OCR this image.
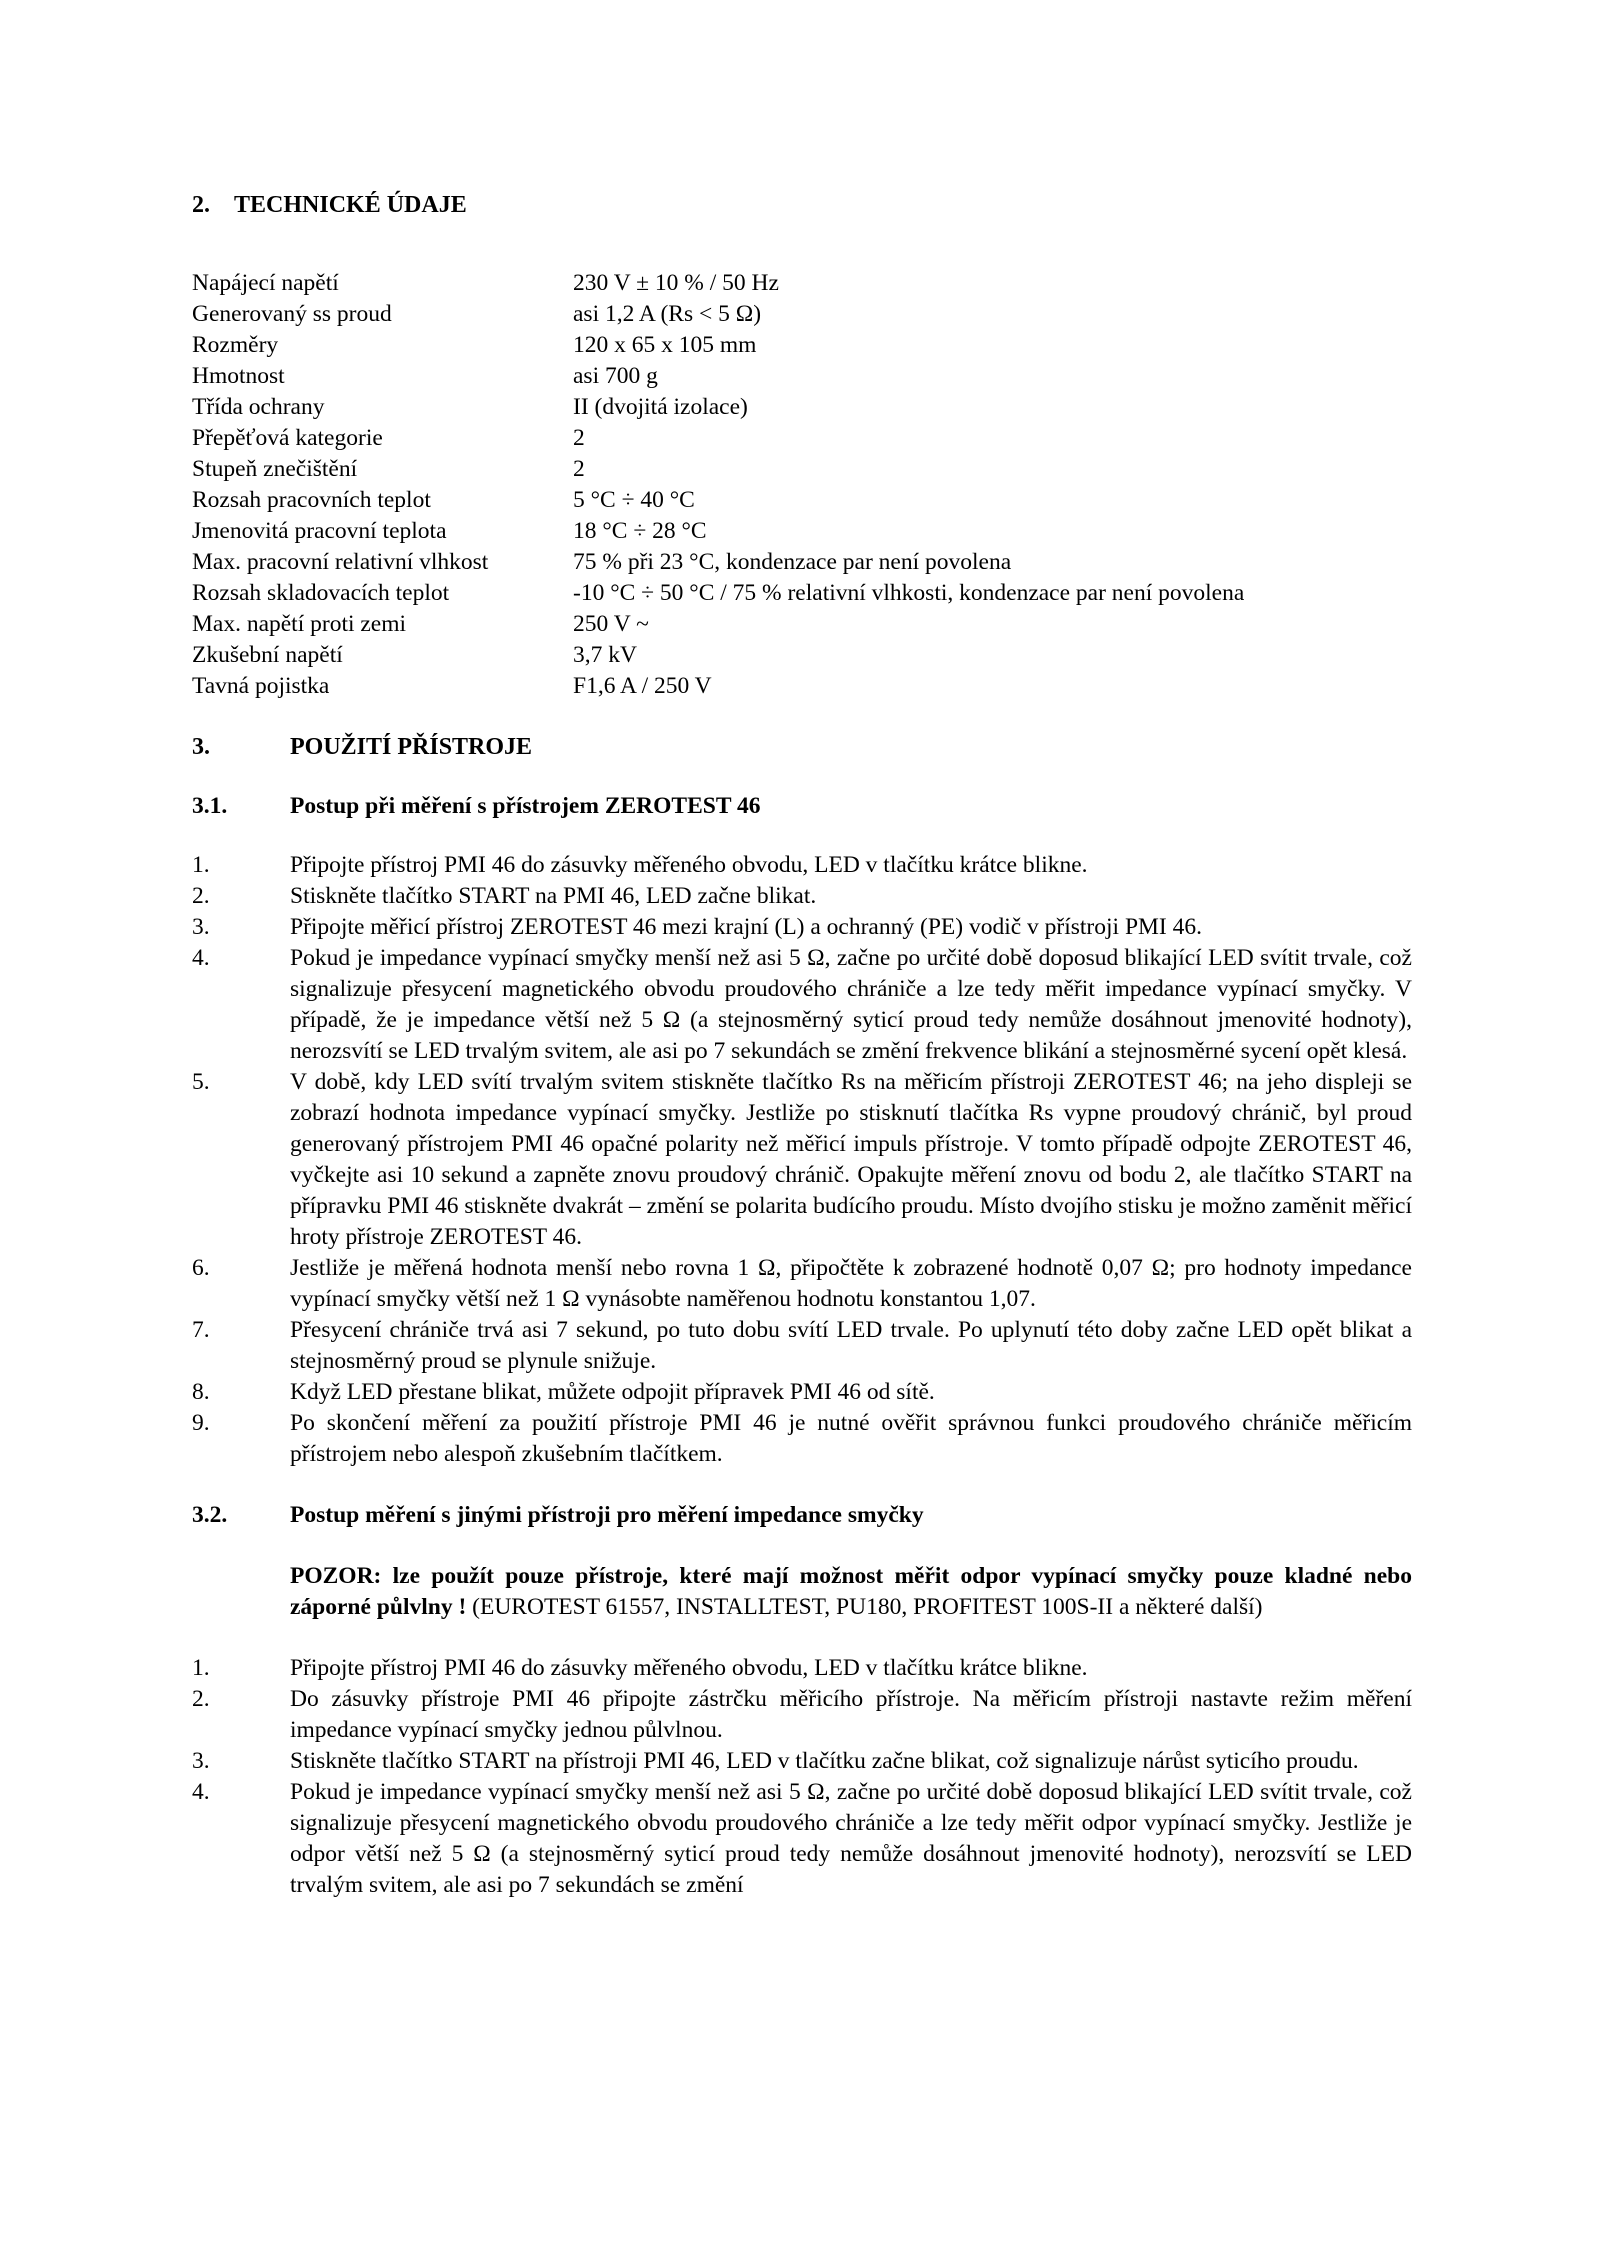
2.	TECHNICKÉ ÚDAJE
Napájecí napětí	230 V ± 10 % / 50 Hz
Generovaný ss proud	asi 1,2 A (Rs < 5 Ω)
Rozměry	120 x 65 x 105 mm
Hmotnost	asi 700 g
Třída ochrany	II (dvojitá izolace)
Přepěťová kategorie	2
Stupeň znečištění	2
Rozsah pracovních teplot	5 °C ÷ 40 °C
Jmenovitá pracovní teplota	18 °C ÷ 28 °C
Max. pracovní relativní vlhkost	75 % při 23 °C, kondenzace par není povolena
Rozsah skladovacích teplot	-10 °C ÷ 50 °C / 75 % relativní vlhkosti, kondenzace par není povolena
Max. napětí proti zemi	250 V ~
Zkušební napětí	3,7 kV
Tavná pojistka	F1,6 A / 250 V
3.	POUŽITÍ PŘÍSTROJE
3.1.	Postup při měření s přístrojem ZEROTEST 46
1.	Připojte přístroj PMI 46 do zásuvky měřeného obvodu, LED v tlačítku krátce blikne.
2.	Stiskněte tlačítko START na PMI 46, LED začne blikat.
3.	Připojte měřicí přístroj ZEROTEST 46 mezi krajní (L) a ochranný (PE) vodič v přístroji PMI 46.
4.	Pokud je impedance vypínací smyčky menší než asi 5 Ω, začne po určité době doposud blikající LED svítit trvale, což signalizuje přesycení magnetického obvodu proudového chrániče a lze tedy měřit impedance vypínací smyčky. V případě, že je impedance větší než 5 Ω (a stejnosměrný syticí proud tedy nemůže dosáhnout jmenovité hodnoty), nerozsvítí se LED trvalým svitem, ale asi po 7 sekundách se změní frekvence blikání a stejnosměrné sycení opět klesá.
5.	V době, kdy LED svítí trvalým svitem stiskněte tlačítko Rs na měřicím přístroji ZEROTEST 46; na jeho displeji se zobrazí hodnota impedance vypínací smyčky. Jestliže po stisknutí tlačítka Rs vypne proudový chránič, byl proud generovaný přístrojem PMI 46 opačné polarity než měřicí impuls přístroje. V tomto případě odpojte ZEROTEST 46, vyčkejte asi 10 sekund a zapněte znovu proudový chránič. Opakujte měření znovu od bodu 2, ale tlačítko START na přípravku PMI 46 stiskněte dvakrát – změní se polarita budícího proudu. Místo dvojího stisku je možno zaměnit měřicí hroty přístroje ZEROTEST 46.
6.	Jestliže je měřená hodnota menší nebo rovna 1 Ω, připočtěte k zobrazené hodnotě 0,07 Ω; pro hodnoty impedance vypínací smyčky větší než 1 Ω vynásobte naměřenou hodnotu konstantou 1,07.
7.	Přesycení chrániče trvá asi 7 sekund, po tuto dobu svítí LED trvale. Po uplynutí této doby začne LED opět blikat a stejnosměrný proud se plynule snižuje.
8.	Když LED přestane blikat, můžete odpojit přípravek PMI 46 od sítě.
9.	Po skončení měření za použití přístroje PMI 46 je nutné ověřit správnou funkci proudového chrániče měřicím přístrojem nebo alespoň zkušebním tlačítkem.
3.2.	Postup měření s jinými přístroji pro měření impedance smyčky

POZOR: lze použít pouze přístroje, které mají možnost měřit odpor vypínací smyčky pouze kladné nebo záporné půlvlny ! (EUROTEST 61557, INSTALLTEST, PU180, PROFITEST 100S-II a některé další)

1.	Připojte přístroj PMI 46 do zásuvky měřeného obvodu, LED v tlačítku krátce blikne.
2.	Do zásuvky přístroje PMI 46 připojte zástrčku měřicího přístroje. Na měřicím přístroji nastavte režim měření impedance vypínací smyčky jednou půlvlnou.
3.	Stiskněte tlačítko START na přístroji PMI 46, LED v tlačítku začne blikat, což signalizuje nárůst syticího proudu.
4.	Pokud je impedance vypínací smyčky menší než asi 5 Ω, začne po určité době doposud blikající LED svítit trvale, což signalizuje přesycení magnetického obvodu proudového chrániče a lze tedy měřit odpor vypínací smyčky. Jestliže je odpor větší než 5 Ω (a stejnosměrný syticí proud tedy nemůže dosáhnout jmenovité hodnoty), nerozsvítí se LED trvalým svitem, ale asi po 7 sekundách se změní
